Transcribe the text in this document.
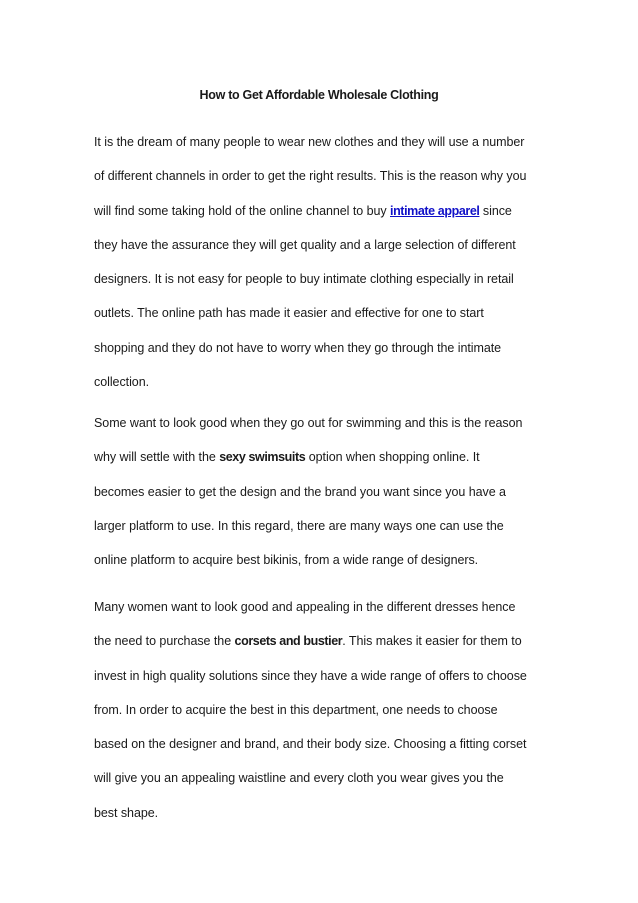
How to Get Affordable Wholesale Clothing
It is the dream of many people to wear new clothes and they will use a number
of different channels in order to get the right results. This is the reason why you
will find some taking hold of the online channel to buy intimate apparel since
they have the assurance they will get quality and a large selection of different
designers. It is not easy for people to buy intimate clothing especially in retail
outlets. The online path has made it easier and effective for one to start
shopping and they do not have to worry when they go through the intimate
collection.
Some want to look good when they go out for swimming and this is the reason
why will settle with the sexy swimsuits option when shopping online. It
becomes easier to get the design and the brand you want since you have a
larger platform to use. In this regard, there are many ways one can use the
online platform to acquire best bikinis, from a wide range of designers.
Many women want to look good and appealing in the different dresses hence
the need to purchase the corsets and bustier. This makes it easier for them to
invest in high quality solutions since they have a wide range of offers to choose
from. In order to acquire the best in this department, one needs to choose
based on the designer and brand, and their body size. Choosing a fitting corset
will give you an appealing waistline and every cloth you wear gives you the
best shape.
